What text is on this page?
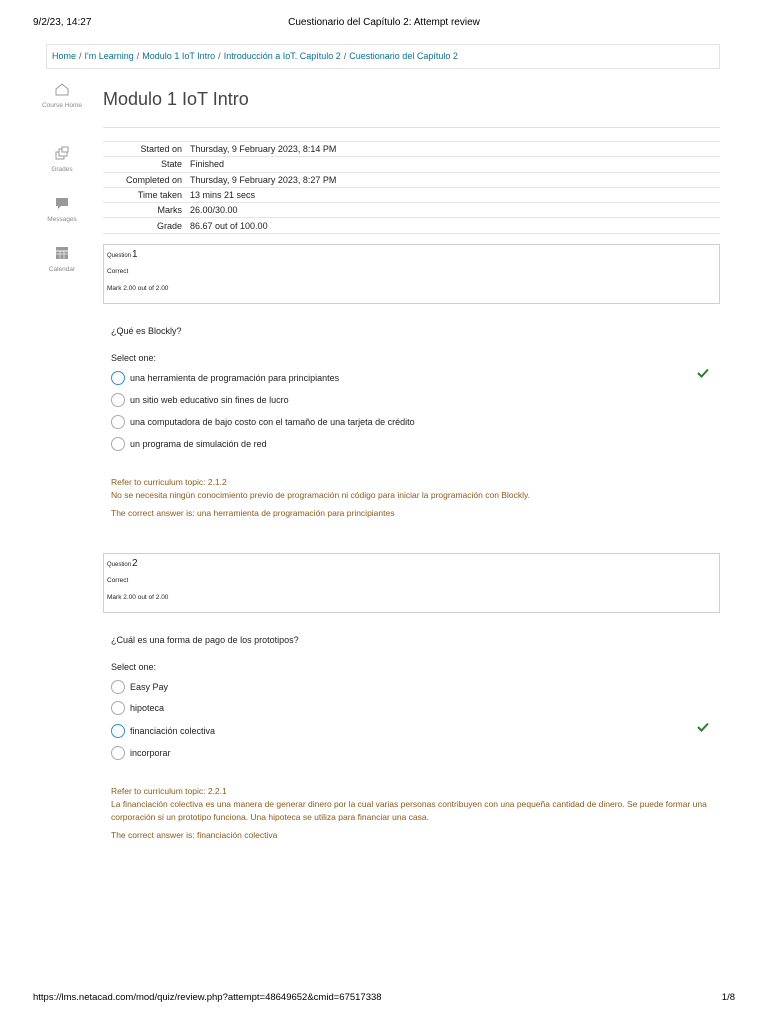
9/2/23, 14:27	Cuestionario del Capítulo 2: Attempt review
Home / I'm Learning / Modulo 1 IoT Intro / Introducción a IoT. Capítulo 2 / Cuestionario del Capítulo 2
Course Home
Grades
Messages
Calendar
Modulo 1 IoT Intro
Started on	Thursday, 9 February 2023, 8:14 PM
State	Finished
Completed on	Thursday, 9 February 2023, 8:27 PM
Time taken	13 mins 21 secs
Marks	26.00/30.00
Grade	86.67 out of 100.00
Question1
Correct
Mark 2.00 out of 2.00
¿Qué es Blockly?
Select one:
una herramienta de programación para principiantes
un sitio web educativo sin fines de lucro
una computadora de bajo costo con el tamaño de una tarjeta de crédito
un programa de simulación de red
Refer to curriculum topic: 2.1.2
No se necesita ningún conocimiento previo de programación ni código para iniciar la programación con Blockly.
The correct answer is: una herramienta de programación para principiantes
Question2
Correct
Mark 2.00 out of 2.00
¿Cuál es una forma de pago de los prototipos?
Select one:
Easy Pay
hipoteca
financiación colectiva
incorporar
Refer to curriculum topic: 2.2.1
La financiación colectiva es una manera de generar dinero por la cual varias personas contribuyen con una pequeña cantidad de dinero. Se puede formar una corporación si un prototipo funciona. Una hipoteca se utiliza para financiar una casa.
The correct answer is: financiación colectiva
https://lms.netacad.com/mod/quiz/review.php?attempt=48649652&cmid=67517338	1/8
